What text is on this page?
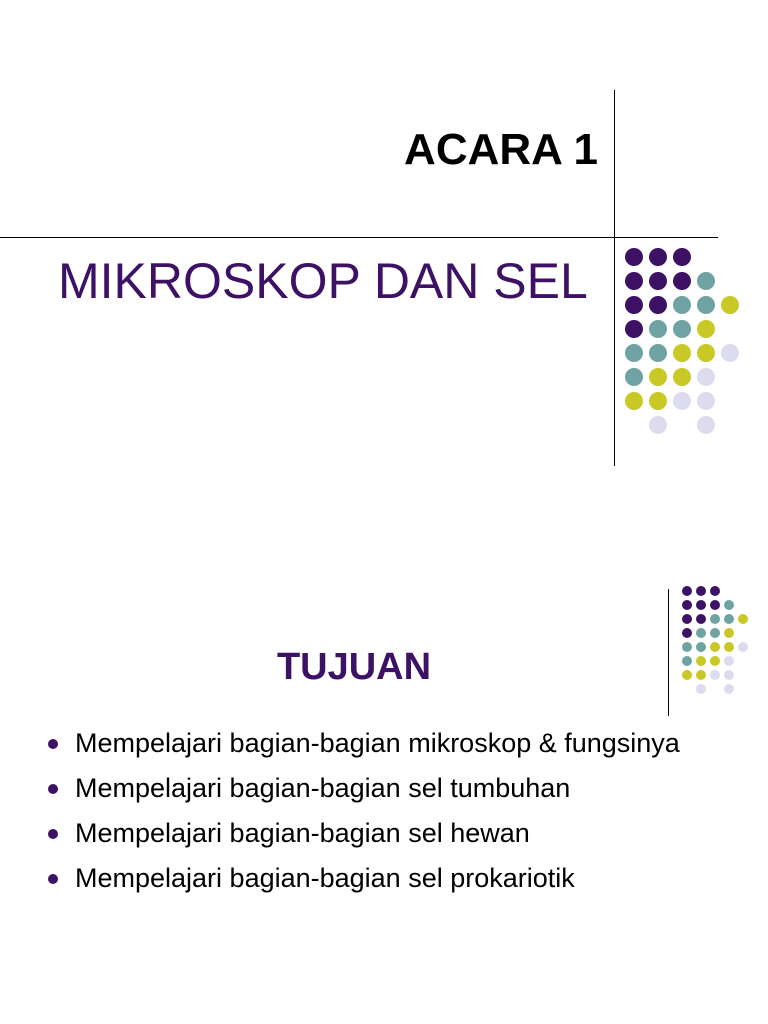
ACARA 1
MIKROSKOP DAN SEL
TUJUAN
Mempelajari bagian-bagian mikroskop & fungsinya
Mempelajari bagian-bagian sel tumbuhan
Mempelajari bagian-bagian sel hewan
Mempelajari bagian-bagian sel prokariotik
